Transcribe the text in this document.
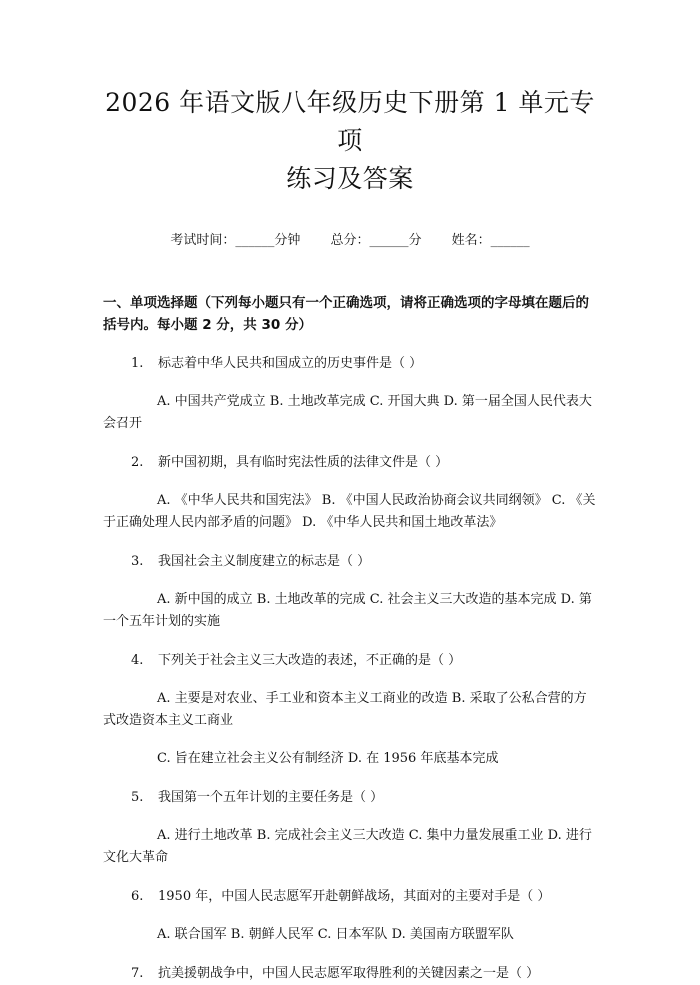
2026 年语文版八年级历史下册第 1 单元专项
练习及答案
考试时间：______分钟 总分：______分 姓名：______
一、单项选择题（下列每小题只有一个正确选项，请将正确选项的字母填在题后的括号内。每小题 2 分，共 30 分）
1.	标志着中华人民共和国成立的历史事件是（ ）
A. 中国共产党成立 B. 土地改革完成 C. 开国大典 D. 第一届全国人民代表大会召开
2.	新中国初期，具有临时宪法性质的法律文件是（ ）
A. 《中华人民共和国宪法》 B. 《中国人民政治协商会议共同纲领》 C. 《关于正确处理人民内部矛盾的问题》 D. 《中华人民共和国土地改革法》
3.	我国社会主义制度建立的标志是（ ）
A. 新中国的成立 B. 土地改革的完成 C. 社会主义三大改造的基本完成 D. 第一个五年计划的实施
4.	下列关于社会主义三大改造的表述，不正确的是（ ）
A. 主要是对农业、手工业和资本主义工商业的改造 B. 采取了公私合营的方式改造资本主义工商业
C. 旨在建立社会主义公有制经济 D. 在 1956 年底基本完成
5.	我国第一个五年计划的主要任务是（ ）
A. 进行土地改革 B. 完成社会主义三大改造 C. 集中力量发展重工业 D. 进行文化大革命
6.	1950 年，中国人民志愿军开赴朝鲜战场，其面对的主要对手是（ ）
A. 联合国军 B. 朝鲜人民军 C. 日本军队 D. 美国南方联盟军队
7.	抗美援朝战争中，中国人民志愿军取得胜利的关键因素之一是（ ）
